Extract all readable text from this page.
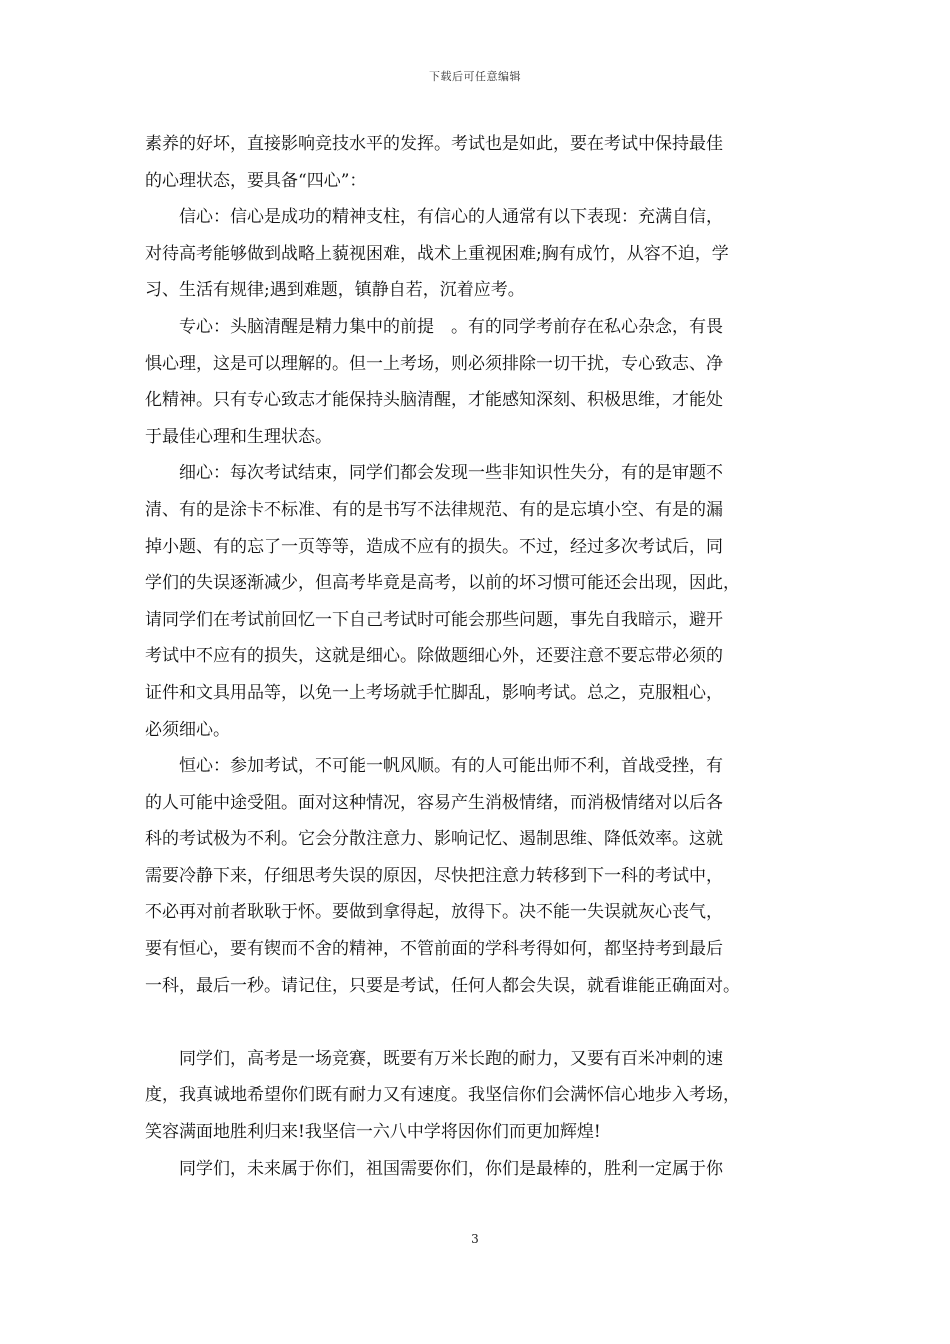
下载后可任意编辑
素养的好坏，直接影响竞技水平的发挥。考试也是如此，要在考试中保持最佳
的心理状态，要具备“四心”：
　　信心：信心是成功的精神支柱，有信心的人通常有以下表现：充满自信，
对待高考能够做到战略上藐视困难，战术上重视困难;胸有成竹，从容不迫，学
习、生活有规律;遇到难题，镇静自若，沉着应考。
　　专心：头脑清醒是精力集中的前提　。有的同学考前存在私心杂念，有畏
惧心理，这是可以理解的。但一上考场，则必须排除一切干扰，专心致志、净
化精神。只有专心致志才能保持头脑清醒，才能感知深刻、积极思维，才能处
于最佳心理和生理状态。
　　细心：每次考试结束，同学们都会发现一些非知识性失分，有的是审题不
清、有的是涂卡不标准、有的是书写不法律规范、有的是忘填小空、有是的漏
掉小题、有的忘了一页等等，造成不应有的损失。不过，经过多次考试后，同
学们的失误逐渐减少，但高考毕竟是高考，以前的坏习惯可能还会出现，因此，
请同学们在考试前回忆一下自己考试时可能会那些问题，事先自我暗示，避开
考试中不应有的损失，这就是细心。除做题细心外，还要注意不要忘带必须的
证件和文具用品等，以免一上考场就手忙脚乱，影响考试。总之，克服粗心，
必须细心。
　　恒心：参加考试，不可能一帆风顺。有的人可能出师不利，首战受挫，有
的人可能中途受阻。面对这种情况，容易产生消极情绪，而消极情绪对以后各
科的考试极为不利。它会分散注意力、影响记忆、遏制思维、降低效率。这就
需要冷静下来，仔细思考失误的原因，尽快把注意力转移到下一科的考试中，
不必再对前者耿耿于怀。要做到拿得起，放得下。决不能一失误就灰心丧气，
要有恒心，要有锲而不舍的精神，不管前面的学科考得如何，都坚持考到最后
一科，最后一秒。请记住，只要是考试，任何人都会失误，就看谁能正确面对。
　　同学们，高考是一场竞赛，既要有万米长跑的耐力，又要有百米冲刺的速
度，我真诚地希望你们既有耐力又有速度。我坚信你们会满怀信心地步入考场，
笑容满面地胜利归来!我坚信一六八中学将因你们而更加辉煌!
　　同学们，未来属于你们，祖国需要你们，你们是最棒的，胜利一定属于你
3
